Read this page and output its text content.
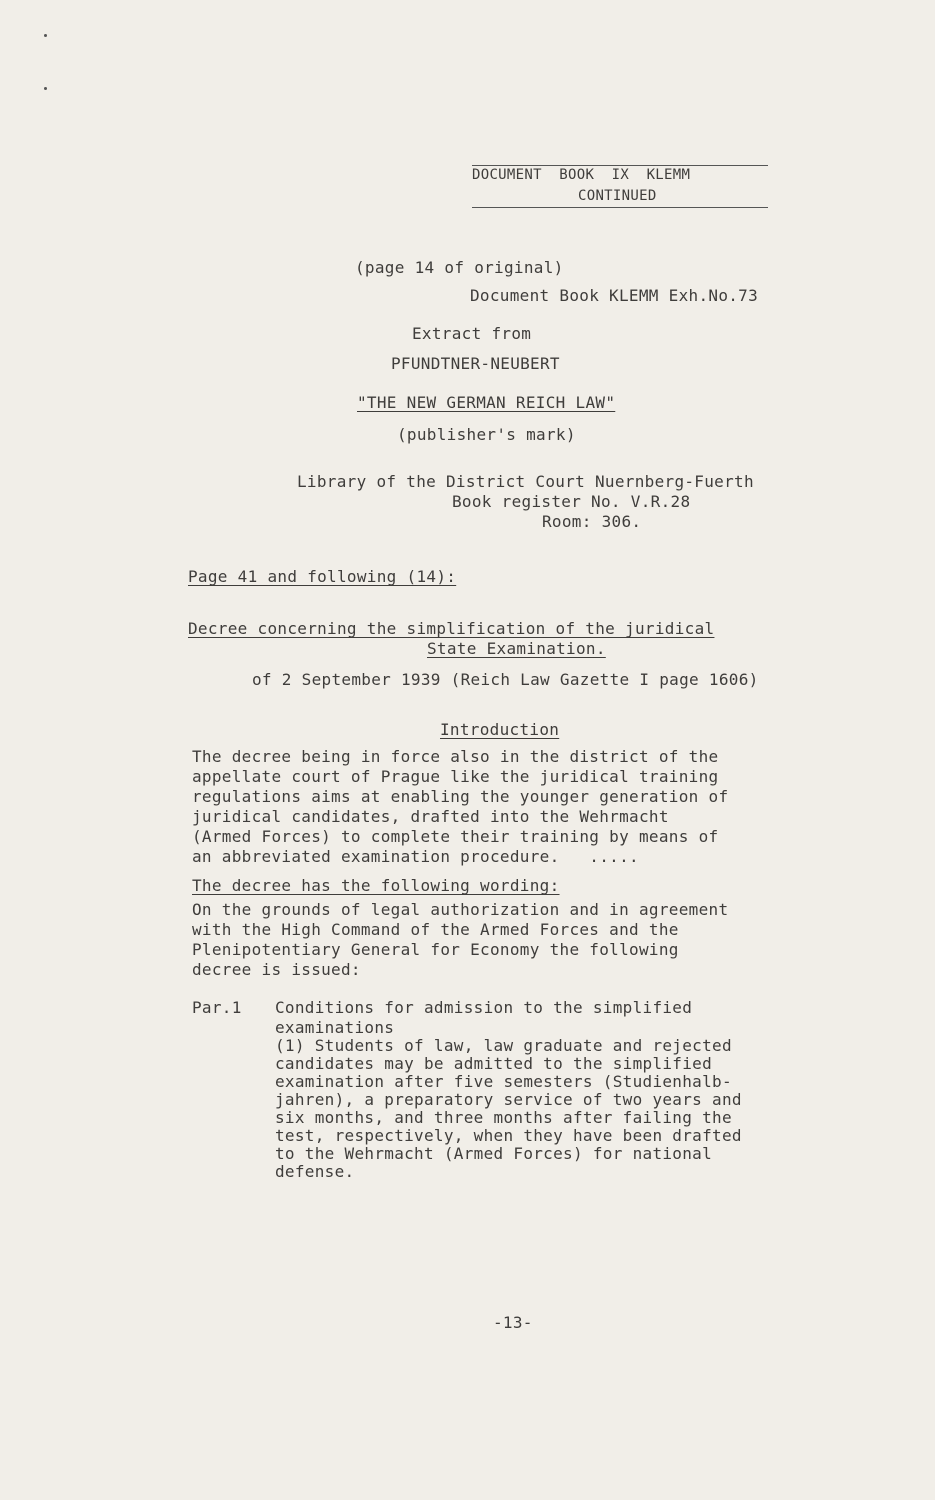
DOCUMENT  BOOK  IX  KLEMM
CONTINUED
(page 14 of original)
Document Book KLEMM Exh.No.73
Extract from
PFUNDTNER-NEUBERT
"THE NEW GERMAN REICH LAW"
(publisher's mark)
Library of the District Court Nuernberg-Fuerth
Book register No. V.R.28
Room: 306.
Page 41 and following (14):
Decree concerning the simplification of the juridical
State Examination.
of 2 September 1939 (Reich Law Gazette I page 1606)
Introduction
The decree being in force also in the district of the
appellate court of Prague like the juridical training
regulations aims at enabling the younger generation of
juridical candidates, drafted into the Wehrmacht
(Armed Forces) to complete their training by means of
an abbreviated examination procedure.   .....
The decree has the following wording:
On the grounds of legal authorization and in agreement
with the High Command of the Armed Forces and the
Plenipotentiary General for Economy the following
decree is issued:
Par.1 Conditions for admission to the simplified
examinations
(1) Students of law, law graduate and rejected
candidates may be admitted to the simplified
examination after five semesters (Studienhalb-
jahren), a preparatory service of two years and
six months, and three months after failing the
test, respectively, when they have been drafted
to the Wehrmacht (Armed Forces) for national
defense.
-13-
